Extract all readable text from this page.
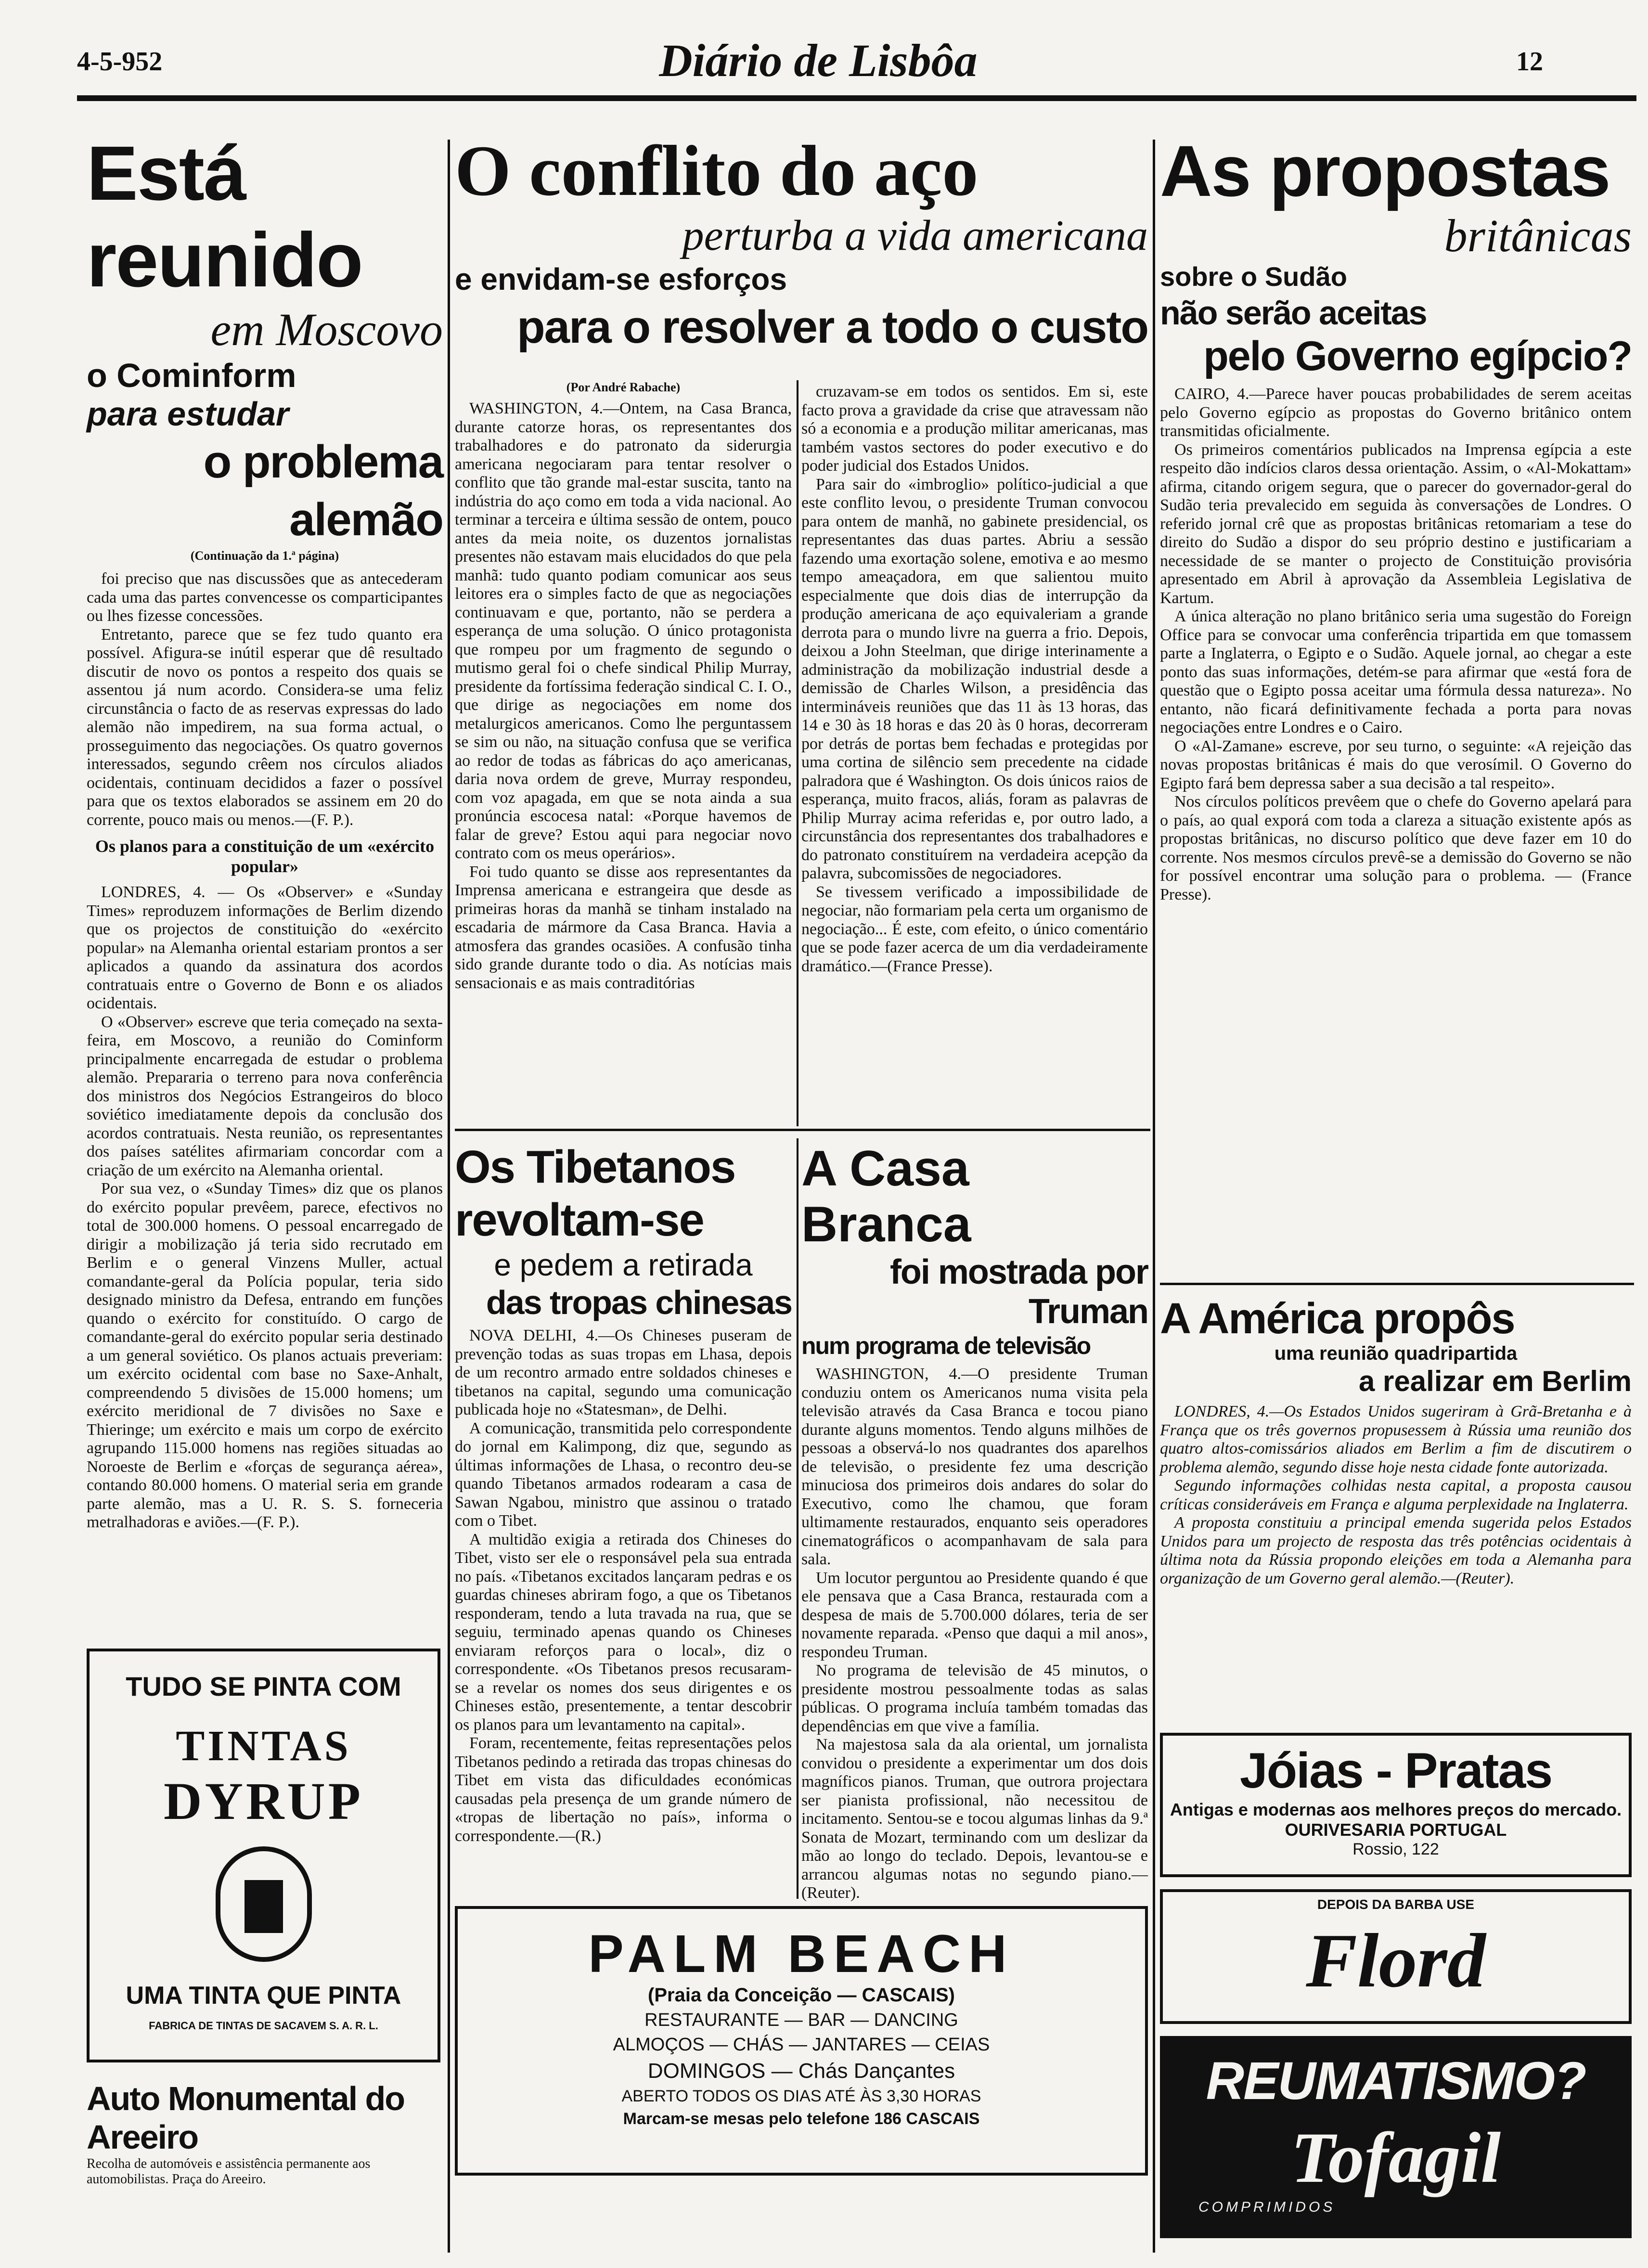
4-5-952	Diário de Lisbôa	12
Está reunido
em Moscovo
o Cominform
para estudar
o problema alemão
(Continuação da 1.ª página)

foi preciso que nas discussões que as antecederam cada uma das partes convencesse os comparticipantes ou lhes fizesse concessões.

Entretanto, parece que se fez tudo quanto era possível. Afigura-se inútil esperar que dê resultado discutir de novo os pontos a respeito dos quais se assentou já num acordo. Considera-se uma feliz circunstância o facto de as reservas expressas do lado alemão não impedirem, na sua forma actual, o prosseguimento das negociações. Os quatro governos interessados, segundo crêem nos círculos aliados ocidentais, continuam decididos a fazer o possível para que os textos elaborados se assinem em 20 do corrente, pouco mais ou menos.—(F. P.).

Os planos para a constituição de um «exército popular»

LONDRES, 4. — Os «Observer» e «Sunday Times» reproduzem informações de Berlim dizendo que os projectos de constituição do «exército popular» na Alemanha oriental estariam prontos a ser aplicados a quando da assinatura dos acordos contratuais entre o Governo de Bonn e os aliados ocidentais.

O «Observer» escreve que teria começado na sexta-feira, em Moscovo, a reunião do Cominform principalmente encarregada de estudar o problema alemão. Prepararia o terreno para nova conferência dos ministros dos Negócios Estrangeiros do bloco soviético imediatamente depois da conclusão dos acordos contratuais. Nesta reunião, os representantes dos países satélites afirmariam concordar com a criação de um exército na Alemanha oriental.

Por sua vez, o «Sunday Times» diz que os planos do exército popular prevêem, parece, efectivos no total de 300.000 homens. O pessoal encarregado de dirigir a mobilização já teria sido recrutado em Berlim e o general Vinzens Muller, actual comandante-geral da Polícia popular, teria sido designado ministro da Defesa, entrando em funções quando o exército for constituído. O cargo de comandante-geral do exército popular seria destinado a um general soviético. Os planos actuais preveriam: um exército ocidental com base no Saxe-Anhalt, compreendendo 5 divisões de 15.000 homens; um exército meridional de 7 divisões no Saxe e Thieringe; um exército e mais um corpo de exército agrupando 115.000 homens nas regiões situadas ao Noroeste de Berlim e «forças de segurança aérea», contando 80.000 homens. O material seria em grande parte alemão, mas a U. R. S. S. forneceria metralhadoras e aviões.—(F. P.).

TUDO SE PINTA COM
TINTAS
DYRUP
UMA TINTA QUE PINTA
FABRICA DE TINTAS DE SACAVEM S. A. R. L.
Auto Monumental do Areeiro
Recolha de automóveis e assistência permanente aos automobilistas. Praça do Areeiro.
O conflito do aço
perturba a vida americana
e envidam-se esforços
para o resolver a todo o custo
(Por André Rabache)

WASHINGTON, 4.—Ontem, na Casa Branca, durante catorze horas, os representantes dos trabalhadores e do patronato da siderurgia americana negociaram para tentar resolver o conflito que tão grande mal-estar suscita, tanto na indústria do aço como em toda a vida nacional. Ao terminar a terceira e última sessão de ontem, pouco antes da meia noite, os duzentos jornalistas presentes não estavam mais elucidados do que pela manhã: tudo quanto podiam comunicar aos seus leitores era o simples facto de que as negociações continuavam e que, portanto, não se perdera a esperança de uma solução. O único protagonista que rompeu por um fragmento de segundo o mutismo geral foi o chefe sindical Philip Murray, presidente da fortíssima federação sindical C. I. O., que dirige as negociações em nome dos metalurgicos americanos. Como lhe perguntassem se sim ou não, na situação confusa que se verifica ao redor de todas as fábricas do aço americanas, daria nova ordem de greve, Murray respondeu, com voz apagada, em que se nota ainda a sua pronúncia escocesa natal: «Porque havemos de falar de greve? Estou aqui para negociar novo contrato com os meus operários».

Foi tudo quanto se disse aos representantes da Imprensa americana e estrangeira que desde as primeiras horas da manhã se tinham instalado na escadaria de mármore da Casa Branca. Havia a atmosfera das grandes ocasiões. A confusão tinha sido grande durante todo o dia. As notícias mais sensacionais e as mais contraditórias

cruzavam-se em todos os sentidos. Em si, este facto prova a gravidade da crise que atravessam não só a economia e a produção militar americanas, mas também vastos sectores do poder executivo e do poder judicial dos Estados Unidos.

Para sair do «imbroglio» político-judicial a que este conflito levou, o presidente Truman convocou para ontem de manhã, no gabinete presidencial, os representantes das duas partes. Abriu a sessão fazendo uma exortação solene, emotiva e ao mesmo tempo ameaçadora, em que salientou muito especialmente que dois dias de interrupção da produção americana de aço equivaleriam a grande derrota para o mundo livre na guerra a frio. Depois, deixou a John Steelman, que dirige interinamente a administração da mobilização industrial desde a demissão de Charles Wilson, a presidência das intermináveis reuniões que das 11 às 13 horas, das 14 e 30 às 18 horas e das 20 às 0 horas, decorreram por detrás de portas bem fechadas e protegidas por uma cortina de silêncio sem precedente na cidade palradora que é Washington. Os dois únicos raios de esperança, muito fracos, aliás, foram as palavras de Philip Murray acima referidas e, por outro lado, a circunstância dos representantes dos trabalhadores e do patronato constituírem na verdadeira acepção da palavra, subcomissões de negociadores.

Se tivessem verificado a impossibilidade de negociar, não formariam pela certa um organismo de negociação... É este, com efeito, o único comentário que se pode fazer acerca de um dia verdadeiramente dramático.—(France Presse).

Os Tibetanos revoltam-se
e pedem a retirada
das tropas chinesas

NOVA DELHI, 4.—Os Chineses puseram de prevenção todas as suas tropas em Lhasa, depois de um recontro armado entre soldados chineses e tibetanos na capital, segundo uma comunicação publicada hoje no «Statesman», de Delhi.

A comunicação, transmitida pelo correspondente do jornal em Kalimpong, diz que, segundo as últimas informações de Lhasa, o recontro deu-se quando Tibetanos armados rodearam a casa de Sawan Ngabou, ministro que assinou o tratado com o Tibet.

A multidão exigia a retirada dos Chineses do Tibet, visto ser ele o responsável pela sua entrada no país. «Tibetanos excitados lançaram pedras e os guardas chineses abriram fogo, a que os Tibetanos responderam, tendo a luta travada na rua, que se seguiu, terminado apenas quando os Chineses enviaram reforços para o local», diz o correspondente. «Os Tibetanos presos recusaram-se a revelar os nomes dos seus dirigentes e os Chineses estão, presentemente, a tentar descobrir os planos para um levantamento na capital».

Foram, recentemente, feitas representações pelos Tibetanos pedindo a retirada das tropas chinesas do Tibet em vista das dificuldades económicas causadas pela presença de um grande número de «tropas de libertação no país», informa o correspondente.—(R.)

A Casa Branca
foi mostrada por Truman
num programa de televisão

WASHINGTON, 4.—O presidente Truman conduziu ontem os Americanos numa visita pela televisão através da Casa Branca e tocou piano durante alguns momentos. Tendo alguns milhões de pessoas a observá-lo nos quadrantes dos aparelhos de televisão, o presidente fez uma descrição minuciosa dos primeiros dois andares do solar do Executivo, como lhe chamou, que foram ultimamente restaurados, enquanto seis operadores cinematográficos o acompanhavam de sala para sala.

Um locutor perguntou ao Presidente quando é que ele pensava que a Casa Branca, restaurada com a despesa de mais de 5.700.000 dólares, teria de ser novamente reparada. «Penso que daqui a mil anos», respondeu Truman.

No programa de televisão de 45 minutos, o presidente mostrou pessoalmente todas as salas públicas. O programa incluía também tomadas das dependências em que vive a família.

Na majestosa sala da ala oriental, um jornalista convidou o presidente a experimentar um dos dois magníficos pianos. Truman, que outrora projectara ser pianista profissional, não necessitou de incitamento. Sentou-se e tocou algumas linhas da 9.ª Sonata de Mozart, terminando com um deslizar da mão ao longo do teclado. Depois, levantou-se e arrancou algumas notas no segundo piano.—(Reuter).

PALM BEACH
(Praia da Conceição — CASCAIS)
RESTAURANTE — BAR — DANCING
ALMOÇOS — CHÁS — JANTARES — CEIAS
DOMINGOS — Chás Dançantes
ABERTO TODOS OS DIAS ATÉ ÀS 3,30 HORAS
Marcam-se mesas pelo telefone 186 CASCAIS
As propostas
britânicas
sobre o Sudão
não serão aceitas
pelo Governo egípcio?

CAIRO, 4.—Parece haver poucas probabilidades de serem aceitas pelo Governo egípcio as propostas do Governo britânico ontem transmitidas oficialmente.

Os primeiros comentários publicados na Imprensa egípcia a este respeito dão indícios claros dessa orientação. Assim, o «Al-Mokattam» afirma, citando origem segura, que o parecer do governador-geral do Sudão teria prevalecido em seguida às conversações de Londres. O referido jornal crê que as propostas britânicas retomariam a tese do direito do Sudão a dispor do seu próprio destino e justificariam a necessidade de se manter o projecto de Constituição provisória apresentado em Abril à aprovação da Assembleia Legislativa de Kartum.

A única alteração no plano britânico seria uma sugestão do Foreign Office para se convocar uma conferência tripartida em que tomassem parte a Inglaterra, o Egipto e o Sudão. Aquele jornal, ao chegar a este ponto das suas informações, detém-se para afirmar que «está fora de questão que o Egipto possa aceitar uma fórmula dessa natureza». No entanto, não ficará definitivamente fechada a porta para novas negociações entre Londres e o Cairo.

O «Al-Zamane» escreve, por seu turno, o seguinte: «A rejeição das novas propostas britânicas é mais do que verosímil. O Governo do Egipto fará bem depressa saber a sua decisão a tal respeito».

Nos círculos políticos prevêem que o chefe do Governo apelará para o país, ao qual exporá com toda a clareza a situação existente após as propostas britânicas, no discurso político que deve fazer em 10 do corrente. Nos mesmos círculos prevê-se a demissão do Governo se não for possível encontrar uma solução para o problema. — (France Presse).

A América propôs
uma reunião quadripartida
a realizar em Berlim

LONDRES, 4.—Os Estados Unidos sugeriram à Grã-Bretanha e à França que os três governos propusessem à Rússia uma reunião dos quatro altos-comissários aliados em Berlim a fim de discutirem o problema alemão, segundo disse hoje nesta cidade fonte autorizada.

Segundo informações colhidas nesta capital, a proposta causou críticas consideráveis em França e alguma perplexidade na Inglaterra.

A proposta constituiu a principal emenda sugerida pelos Estados Unidos para um projecto de resposta das três potências ocidentais à última nota da Rússia propondo eleições em toda a Alemanha para organização de um Governo geral alemão.—(Reuter).

Jóias - Pratas
Antigas e modernas aos melhores preços do mercado.
OURIVESARIA PORTUGAL
Rossio, 122
DEPOIS DA BARBA USE
Flord
REUMATISMO?
Tofagil
COMPRIMIDOS
